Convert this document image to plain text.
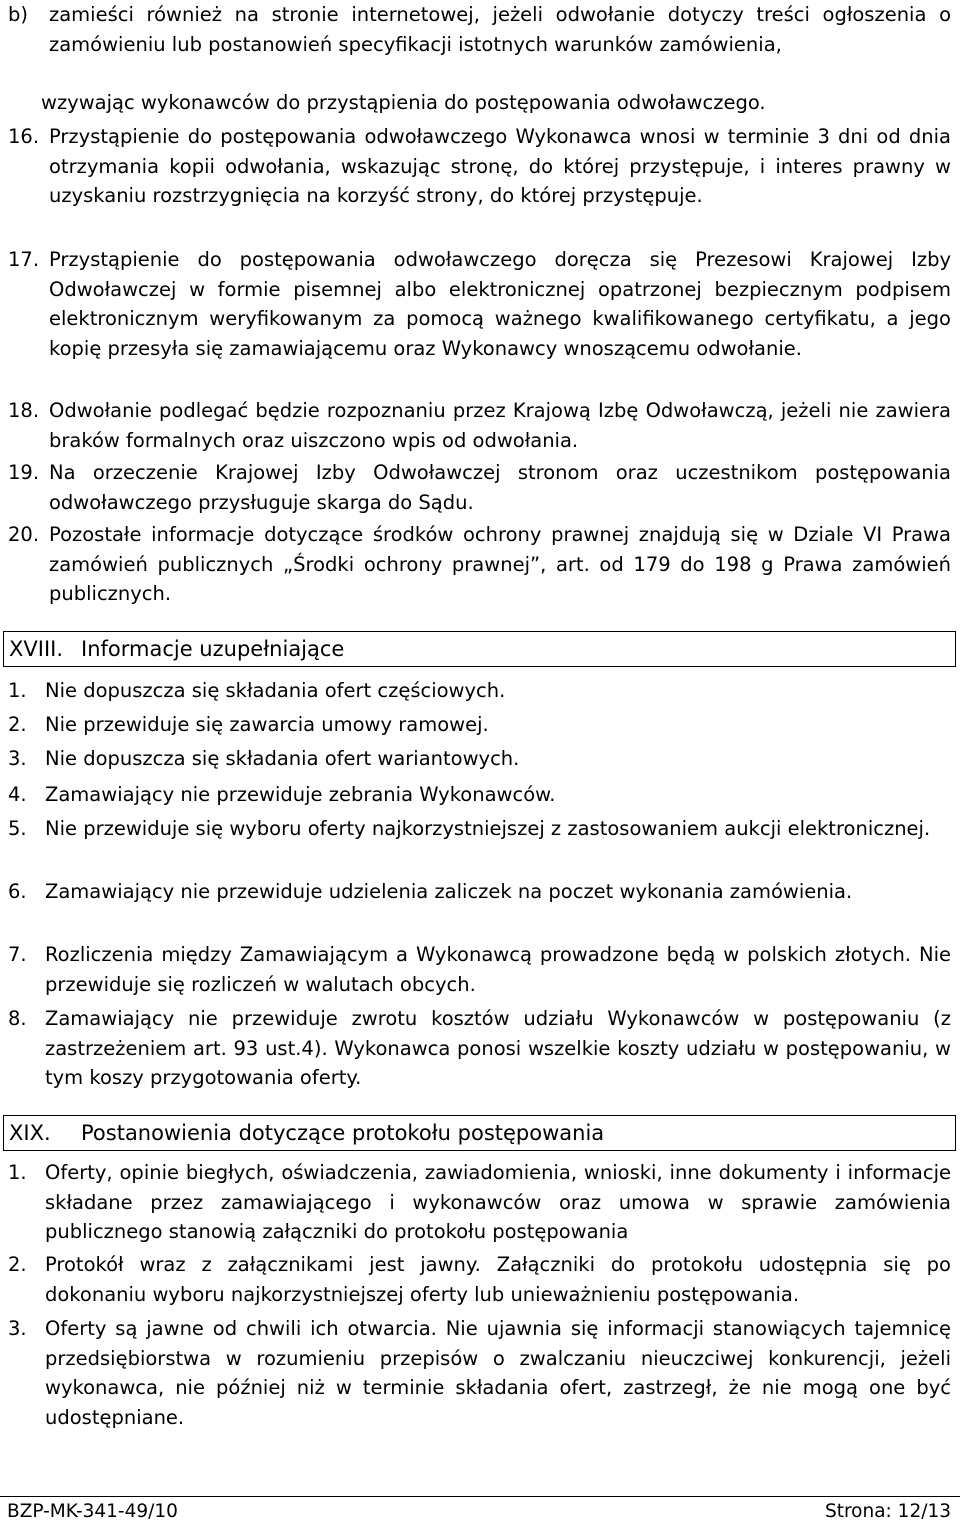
b)	zamieści również na stronie internetowej, jeżeli odwołanie dotyczy treści ogłoszenia o zamówieniu lub postanowień specyfikacji istotnych warunków zamówienia,
wzywając wykonawców do przystąpienia do postępowania odwoławczego.
16. Przystąpienie do postępowania odwoławczego Wykonawca wnosi w terminie 3 dni od dnia otrzymania kopii odwołania, wskazując stronę, do której przystępuje, i interes prawny w uzyskaniu rozstrzygnięcia na korzyść strony, do której przystępuje.
17. Przystąpienie do postępowania odwoławczego doręcza się Prezesowi Krajowej Izby Odwoławczej w formie pisemnej albo elektronicznej opatrzonej bezpiecznym podpisem elektronicznym weryfikowanym za pomocą ważnego kwalifikowanego certyfikatu, a jego kopię przesyła się zamawiającemu oraz Wykonawcy wnoszącemu odwołanie.
18. Odwołanie podlegać będzie rozpoznaniu przez Krajową Izbę Odwoławczą, jeżeli nie zawiera braków formalnych oraz uiszczono wpis od odwołania.
19. Na orzeczenie Krajowej Izby Odwoławczej stronom oraz uczestnikom postępowania odwoławczego przysługuje skarga do Sądu.
20. Pozostałe informacje dotyczące środków ochrony prawnej znajdują się w Dziale VI Prawa zamówień publicznych „Środki ochrony prawnej”, art. od 179 do 198 g Prawa zamówień publicznych.
XVIII. Informacje uzupełniające
1. Nie dopuszcza się składania ofert częściowych.
2. Nie przewiduje się zawarcia umowy ramowej.
3. Nie dopuszcza się składania ofert wariantowych.
4. Zamawiający nie przewiduje zebrania Wykonawców.
5. Nie przewiduje się wyboru oferty najkorzystniejszej z zastosowaniem aukcji elektronicznej.
6. Zamawiający nie przewiduje udzielenia zaliczek na poczet wykonania zamówienia.
7. Rozliczenia między Zamawiającym a Wykonawcą prowadzone będą w polskich złotych. Nie przewiduje się rozliczeń w walutach obcych.
8. Zamawiający nie przewiduje zwrotu kosztów udziału Wykonawców w postępowaniu (z zastrzeżeniem art. 93 ust.4). Wykonawca ponosi wszelkie koszty udziału w postępowaniu, w tym koszy przygotowania oferty.
XIX. Postanowienia dotyczące protokołu postępowania
1. Oferty, opinie biegłych, oświadczenia, zawiadomienia, wnioski, inne dokumenty i informacje składane przez zamawiającego i wykonawców oraz umowa w sprawie zamówienia publicznego stanowią załączniki do protokołu postępowania
2. Protokół wraz z załącznikami jest jawny. Załączniki do protokołu udostępnia się po dokonaniu wyboru najkorzystniejszej oferty lub unieważnieniu postępowania.
3. Oferty są jawne od chwili ich otwarcia. Nie ujawnia się informacji stanowiących tajemnicę przedsiębiorstwa w rozumieniu przepisów o zwalczaniu nieuczciwej konkurencji, jeżeli wykonawca, nie później niż w terminie składania ofert, zastrzegł, że nie mogą one być udostępniane.
BZP-MK-341-49/10	Strona: 12/13
